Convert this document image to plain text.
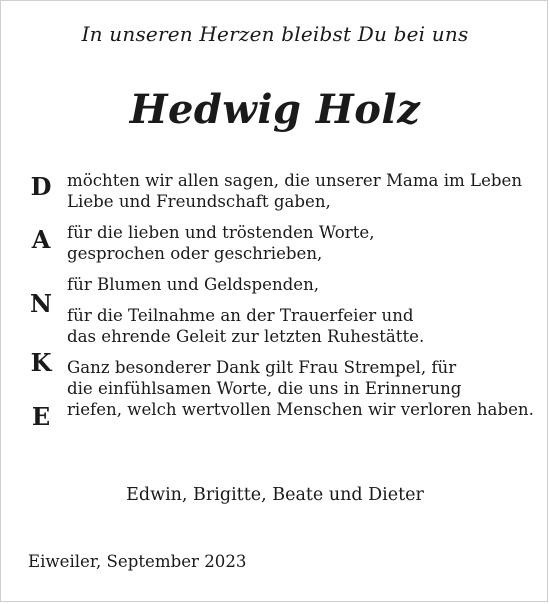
In unseren Herzen bleibst Du bei uns
Hedwig Holz
D
A
N
K
E

möchten wir allen sagen, die unserer Mama im Leben
Liebe und Freundschaft gaben,

für die lieben und tröstenden Worte,
gesprochen oder geschrieben,

für Blumen und Geldspenden,

für die Teilnahme an der Trauerfeier und
das ehrende Geleit zur letzten Ruhestätte.

Ganz besonderer Dank gilt Frau Strempel, für
die einfühlsamen Worte, die uns in Erinnerung
riefen, welch wertvollen Menschen wir verloren haben.

Edwin, Brigitte, Beate und Dieter
Eiweiler, September 2023
